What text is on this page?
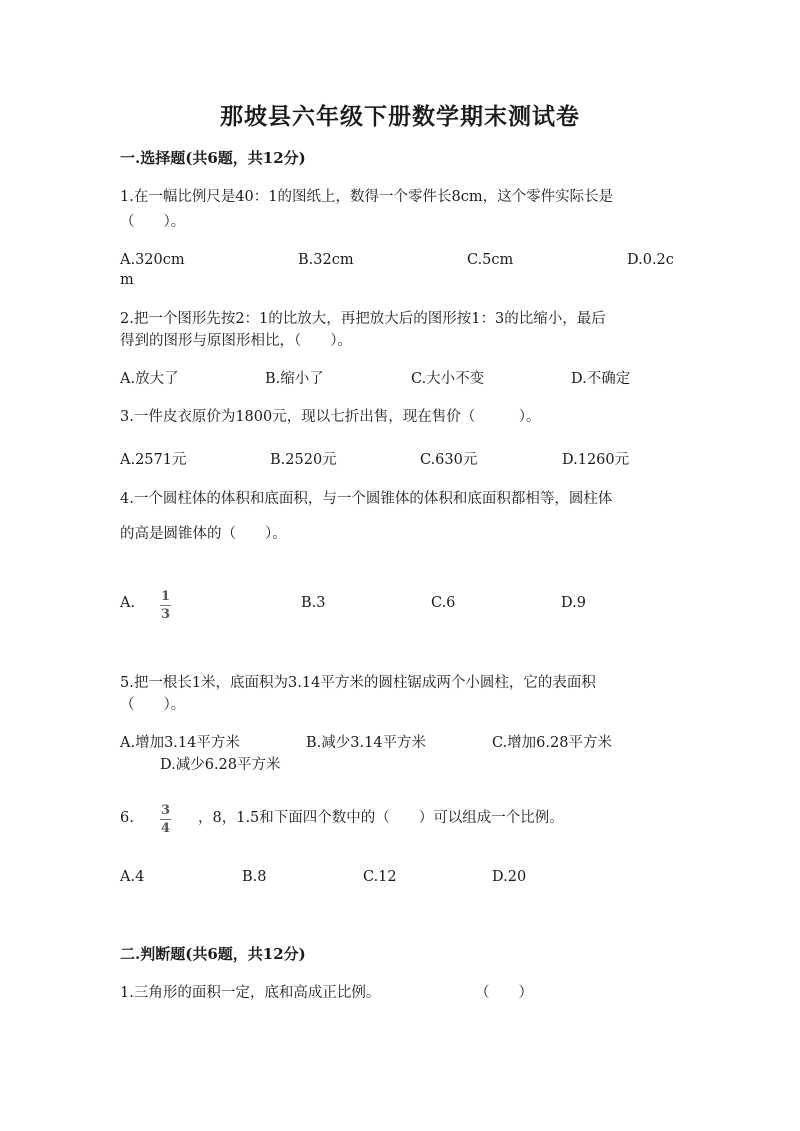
那坡县六年级下册数学期末测试卷
一.选择题(共6题，共12分)
1.在一幅比例尺是40：1的图纸上，数得一个零件长8cm，这个零件实际长是
（　　）。
A.320cm	B.32cm	C.5cm	D.0.2c
m
2.把一个图形先按2：1的比放大，再把放大后的图形按1：3的比缩小，最后
得到的图形与原图形相比，（　　）。
A.放大了	B.缩小了	C.大小不变	D.不确定
3.一件皮衣原价为1800元，现以七折出售，现在售价（　　　）。
A.2571元	B.2520元	C.630元	D.1260元
4.一个圆柱体的体积和底面积，与一个圆锥体的体积和底面积都相等，圆柱体
的高是圆锥体的（　　）。
A. 1
3
B.3	C.6	D.9
5.把一根长1米，底面积为3.14平方米的圆柱锯成两个小圆柱，它的表面积
（　　）。
A.增加3.14平方米	B.减少3.14平方米	C.增加6.28平方米
D.减少6.28平方米
6. 3
4
，8，1.5和下面四个数中的（　　）可以组成一个比例。
A.4	B.8	C.12	D.20
二.判断题(共6题，共12分)
1.三角形的面积一定，底和高成正比例。	（　　）
